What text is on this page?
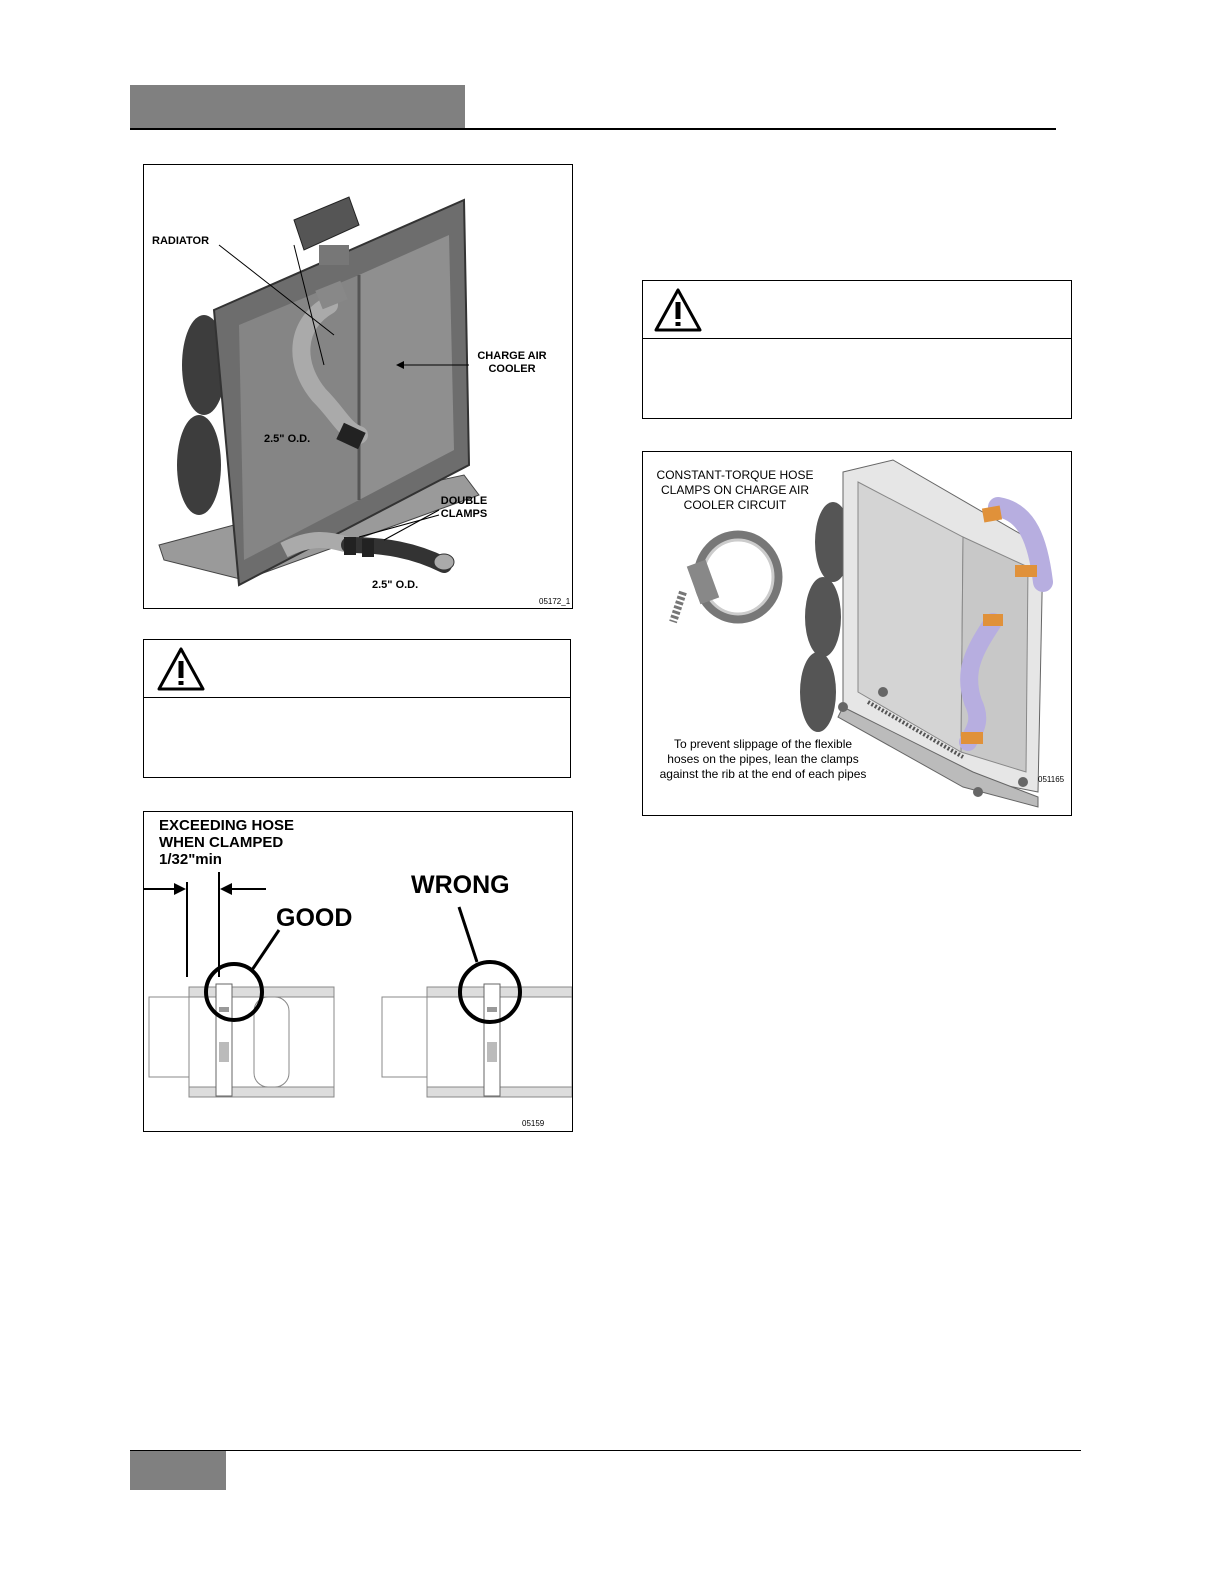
RADIATOR
CHARGE AIR
COOLER
2.5" O.D.
DOUBLE
CLAMPS
2.5" O.D.
05172_1
EXCEEDING HOSE
WHEN CLAMPED
1/32"min
GOOD
WRONG
05159
CONSTANT-TORQUE HOSE
CLAMPS ON CHARGE AIR
COOLER CIRCUIT
To prevent slippage of the flexible
hoses on the pipes, lean the clamps
against the rib at the end of each pipes	051165
